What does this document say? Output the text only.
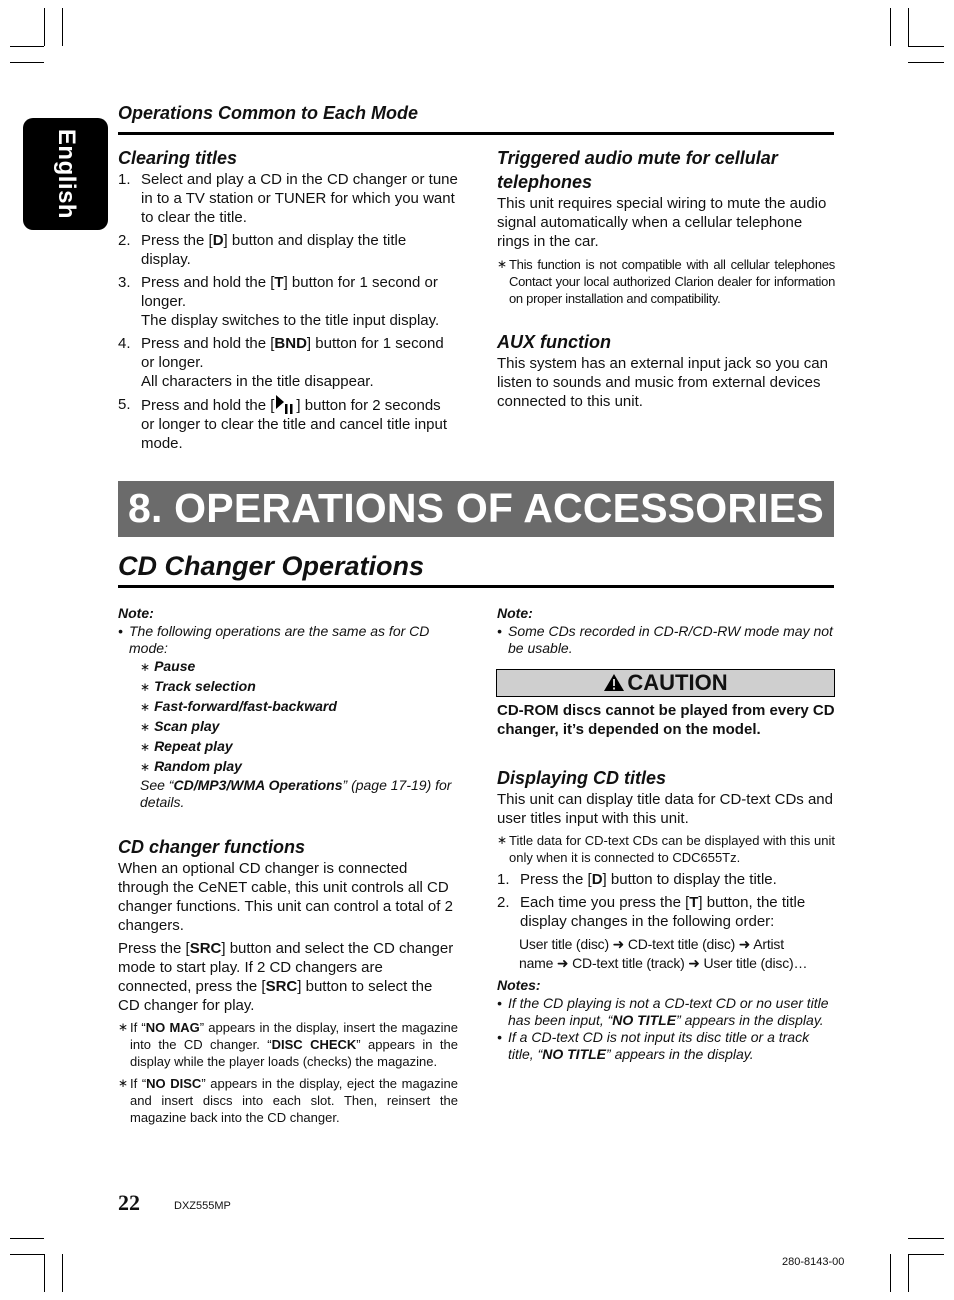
English
Operations Common to Each Mode
Clearing titles
1. Select and play a CD in the CD changer or tune in to a TV station or TUNER for which you want to clear the title.
2. Press the [D] button and display the title display.
3. Press and hold the [T] button for 1 second or longer.
The display switches to the title input display.
4. Press and hold the [BND] button for 1 second or longer.
All characters in the title disappear.
5. Press and hold the [ ] button for 2 seconds or longer to clear the title and cancel title input mode.
Triggered audio mute for cellular telephones

This unit requires special wiring to mute the audio signal automatically when a cellular telephone rings in the car.

∗ This function is not compatible with all cellular telephones Contact your local authorized Clarion dealer for information on proper installation and compatibility.
AUX function

This system has an external input jack so you can listen to sounds and music from external devices connected to this unit.

8. OPERATIONS OF ACCESSORIES
CD Changer Operations
Note:
• The following operations are the same as for CD mode:
∗ Pause
∗ Track selection
∗ Fast-forward/fast-backward
∗ Scan play
∗ Repeat play
∗ Random play
See “CD/MP3/WMA Operations” (page 17-19) for details.
CD changer functions

When an optional CD changer is connected through the CeNET cable, this unit controls all CD changer functions. This unit can control a total of 2 changers.

Press the [SRC] button and select the CD changer mode to start play. If 2 CD changers are connected, press the [SRC] button to select the CD changer for play.

∗ If “NO MAG” appears in the display, insert the magazine into the CD changer. “DISC CHECK” appears in the display while the player loads (checks) the magazine.
∗ If “NO DISC” appears in the display, eject the magazine and insert discs into each slot. Then, reinsert the magazine back into the CD changer.
Note:
• Some CDs recorded in CD-R/CD-RW mode may not be usable.
CAUTION
CD-ROM discs cannot be played from every CD changer, it’s depended on the model.
Displaying CD titles

This unit can display title data for CD-text CDs and user titles input with this unit.

∗ Title data for CD-text CDs can be displayed with this unit only when it is connected to CDC655Tz.
1. Press the [D] button to display the title.
2. Each time you press the [T] button, the title display changes in the following order:
User title (disc) ➜ CD-text title (disc) ➜ Artist
name ➜ CD-text title (track) ➜ User title (disc)…
Notes:
• If the CD playing is not a CD-text CD or no user title has been input, “NO TITLE” appears in the display.
• If a CD-text CD is not input its disc title or a track title, “NO TITLE” appears in the display.
22	DXZ555MP
280-8143-00
